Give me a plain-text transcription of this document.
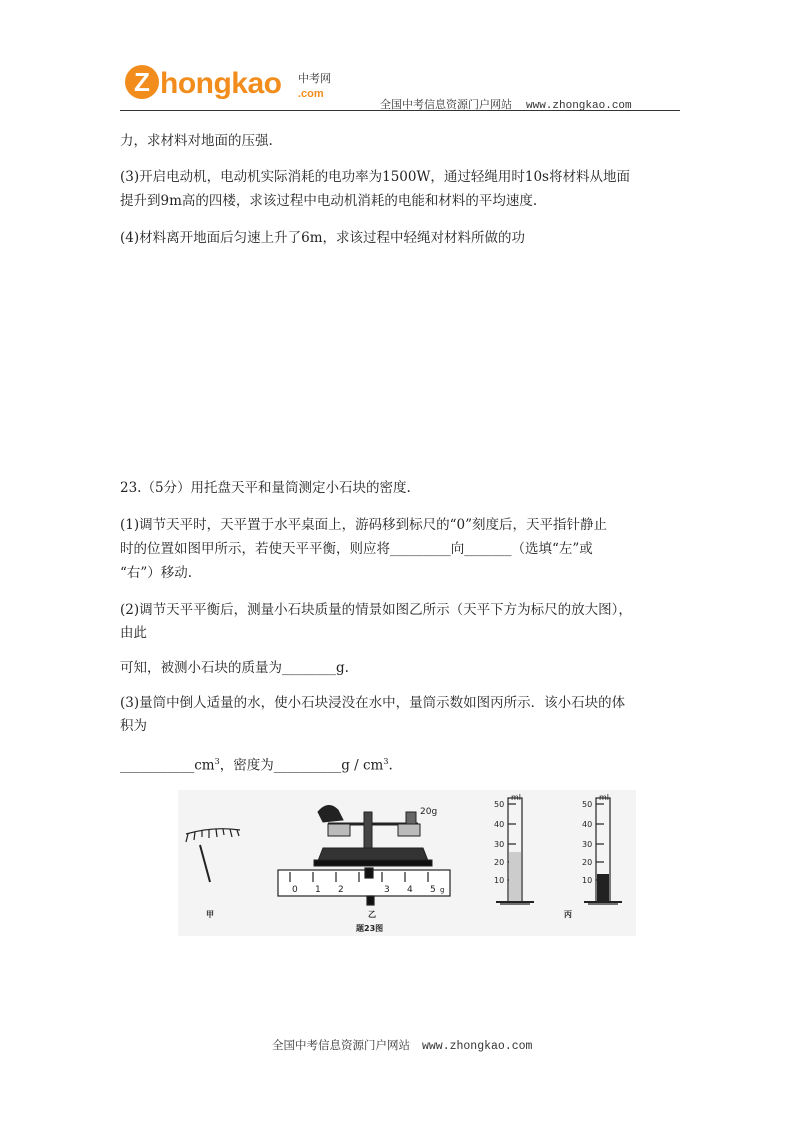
Z hongkao 中考网
.com
全国中考信息资源门户网站 www.zhongkao.com
力，求材料对地面的压强.
(3)开启电动机，电动机实际消耗的电功率为1500W，通过轻绳用时10s将材料从地面
提升到9m高的四楼，求该过程中电动机消耗的电能和材料的平均速度.
(4)材料离开地面后匀速上升了6m，求该过程中轻绳对材料所做的功
23.（5分）用托盘天平和量筒测定小石块的密度.
(1)调节天平时，天平置于水平桌面上，游码移到标尺的“0”刻度后，天平指针静止
时的位置如图甲所示，若使天平平衡，则应将_________向_______（选填“左”或
“右”）移动.
(2)调节天平平衡后，测量小石块质量的情景如图乙所示（天平下方为标尺的放大图），
由此
可知，被测小石块的质量为________g.
(3)量筒中倒人适量的水，使小石块浸没在水中，量筒示数如图丙所示．该小石块的体
积为
$\_\_\_\_\_\_\_\_\_\_\_cm^3$，密度为__________g / $cm^3$.
甲
20g
0 1 2	3 4 5 g
乙
ml
50
40
30
20
10
ml
50
40
30
20
10
丙
题23图
全国中考信息资源门户网站 www.zhongkao.com
